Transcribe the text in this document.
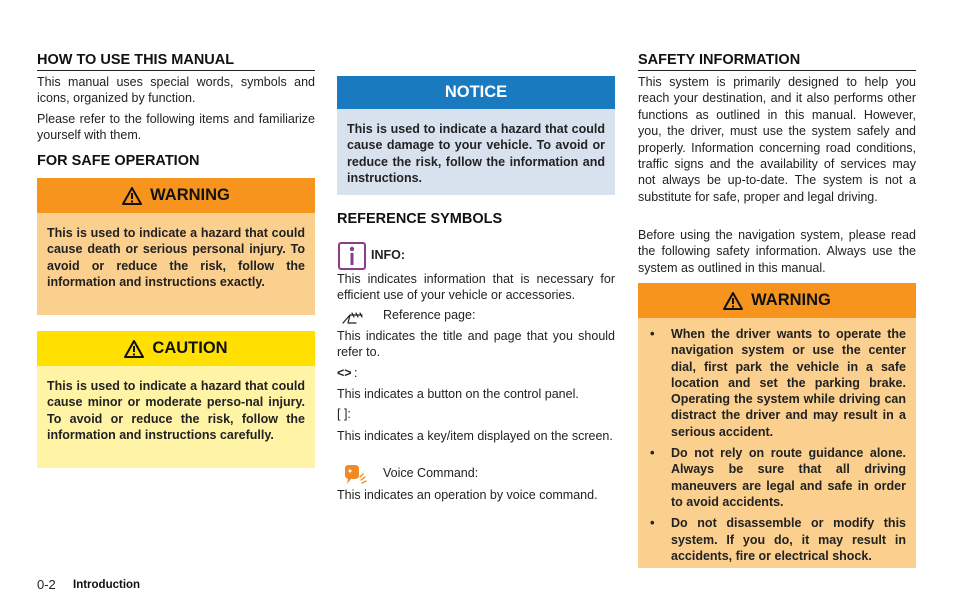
HOW TO USE THIS MANUAL
This manual uses special words, symbols and icons, organized by function.
Please refer to the following items and familiarize yourself with them.
FOR SAFE OPERATION
WARNING
This is used to indicate a hazard that could cause death or serious personal injury. To avoid or reduce the risk, follow the information and instructions exactly.
CAUTION
This is used to indicate a hazard that could cause minor or moderate perso-nal injury. To avoid or reduce the risk, follow the information and instructions carefully.
NOTICE
This is used to indicate a hazard that could cause damage to your vehicle. To avoid or reduce the risk, follow the information and instructions.
REFERENCE SYMBOLS
INFO:
This indicates information that is necessary for efficient use of your vehicle or accessories.
Reference page:
This indicates the title and page that you should refer to.
<> :
This indicates a button on the control panel.
[ ]:
This indicates a key/item displayed on the screen.
Voice Command:
This indicates an operation by voice command.
SAFETY INFORMATION
This system is primarily designed to help you reach your destination, and it also performs other functions as outlined in this manual. However, you, the driver, must use the system safely and properly. Information concerning road conditions, traffic signs and the availability of services may not always be up-to-date. The system is not a substitute for safe, proper and legal driving.
Before using the navigation system, please read the following safety information. Always use the system as outlined in this manual.
WARNING
• When the driver wants to operate the navigation system or use the center dial, first park the vehicle in a safe location and set the parking brake. Operating the system while driving can distract the driver and may result in a serious accident.
• Do not rely on route guidance alone. Always be sure that all driving maneuvers are legal and safe in order to avoid accidents.
• Do not disassemble or modify this system. If you do, it may result in accidents, fire or electrical shock.
0-2 Introduction
